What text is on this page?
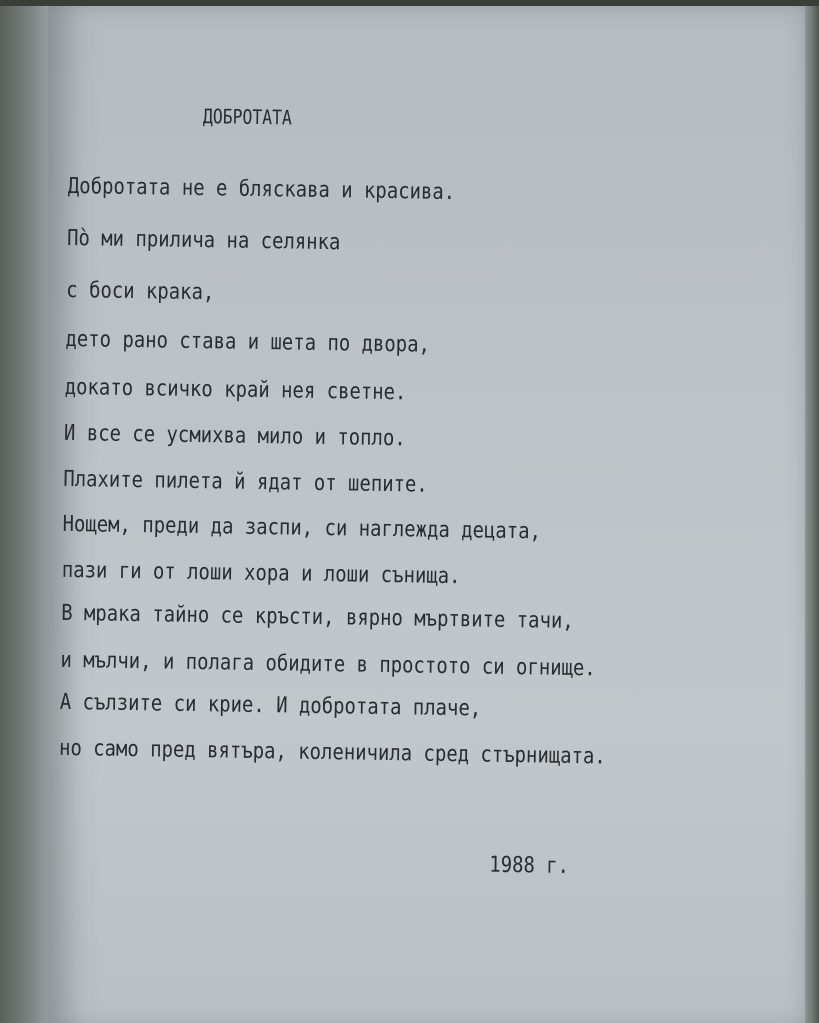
ДОБРОТАТА
Добротата не е бляскава и красива.
По̀ ми прилича на селянка
с боси крака,
дето рано става и шета по двора,
докато всичко край нея светне.
И все се усмихва мило и топло.
Плахите пилета й ядат от шепите.
Нощем, преди да заспи, си наглежда децата,
пази ги от лоши хора и лоши сънища.
В мрака тайно се кръсти, вярно мъртвите тачи,
и мълчи, и полага обидите в простото си огнище.
А сълзите си крие. И добротата плаче,
но само пред вятъра, коленичила сред стърнищата.
1988 г.
